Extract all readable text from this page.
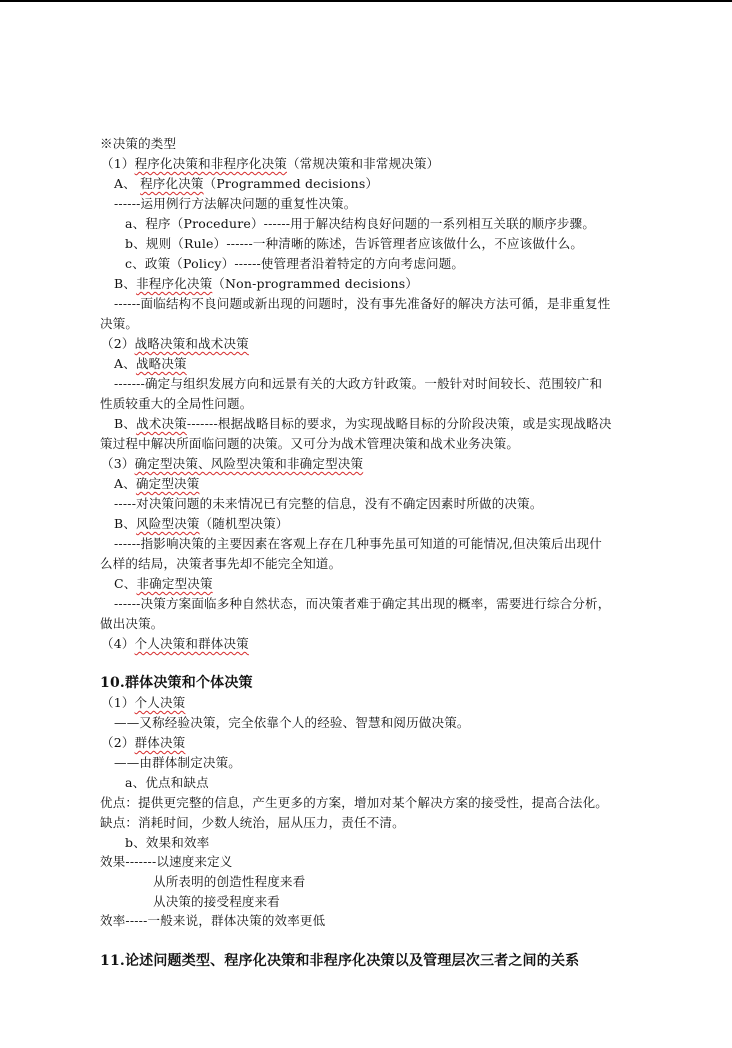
※决策的类型
（1）程序化决策和非程序化决策（常规决策和非常规决策）
A、 程序化决策（Programmed decisions）
------运用例行方法解决问题的重复性决策。
a、程序（Procedure）------用于解决结构良好问题的一系列相互关联的顺序步骤。
b、规则（Rule）------一种清晰的陈述，告诉管理者应该做什么，不应该做什么。
c、政策（Policy）------使管理者沿着特定的方向考虑问题。
B、非程序化决策（Non-programmed decisions）
------面临结构不良问题或新出现的问题时，没有事先准备好的解决方法可循，是非重复性
决策。
（2）战略决策和战术决策
A、战略决策
-------确定与组织发展方向和远景有关的大政方针政策。一般针对时间较长、范围较广和
性质较重大的全局性问题。
B、战术决策-------根据战略目标的要求，为实现战略目标的分阶段决策，或是实现战略决
策过程中解决所面临问题的决策。又可分为战术管理决策和战术业务决策。
（3）确定型决策、风险型决策和非确定型决策
A、确定型决策
-----对决策问题的未来情况已有完整的信息，没有不确定因素时所做的决策。
B、风险型决策（随机型决策）
------指影响决策的主要因素在客观上存在几种事先虽可知道的可能情况,但决策后出现什
么样的结局，决策者事先却不能完全知道。
C、非确定型决策
------决策方案面临多种自然状态，而决策者难于确定其出现的概率，需要进行综合分析，
做出决策。
（4）个人决策和群体决策
10.群体决策和个体决策
（1）个人决策
——又称经验决策，完全依靠个人的经验、智慧和阅历做决策。
（2）群体决策
——由群体制定决策。
a、优点和缺点
优点：提供更完整的信息，产生更多的方案，增加对某个解决方案的接受性，提高合法化。
缺点：消耗时间，少数人统治，屈从压力，责任不清。
b、效果和效率
效果-------以速度来定义
从所表明的创造性程度来看
从决策的接受程度来看
效率-----一般来说，群体决策的效率更低
11.论述问题类型、程序化决策和非程序化决策以及管理层次三者之间的关系
